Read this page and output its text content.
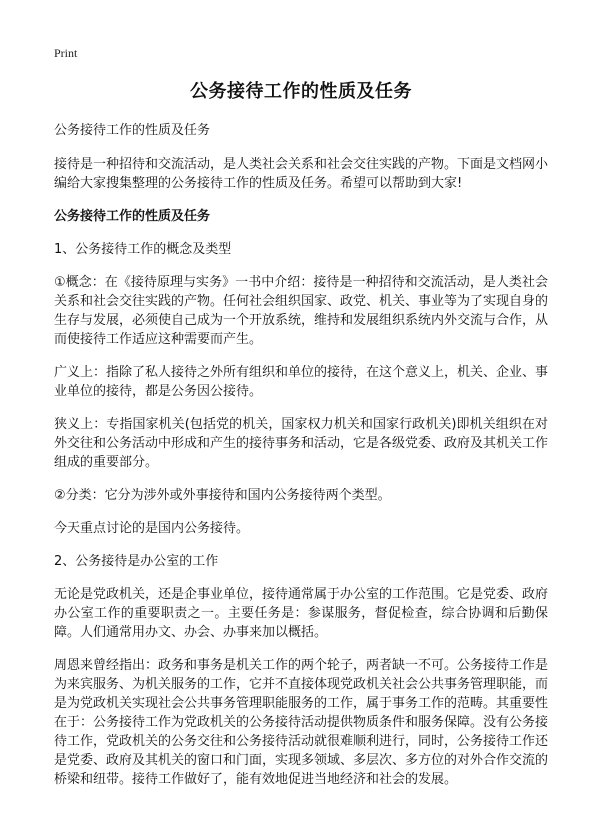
Print
公务接待工作的性质及任务
公务接待工作的性质及任务
接待是一种招待和交流活动，是人类社会关系和社会交往实践的产物。下面是文档网小编给大家搜集整理的公务接待工作的性质及任务。希望可以帮助到大家!
公务接待工作的性质及任务
1、公务接待工作的概念及类型
①概念：在《接待原理与实务》一书中介绍：接待是一种招待和交流活动，是人类社会关系和社会交往实践的产物。任何社会组织国家、政党、机关、事业等为了实现自身的生存与发展，必须使自己成为一个开放系统，维持和发展组织系统内外交流与合作，从而使接待工作适应这种需要而产生。
广义上：指除了私人接待之外所有组织和单位的接待，在这个意义上，机关、企业、事业单位的接待，都是公务因公接待。
狭义上：专指国家机关(包括党的机关，国家权力机关和国家行政机关)即机关组织在对外交往和公务活动中形成和产生的接待事务和活动，它是各级党委、政府及其机关工作组成的重要部分。
②分类：它分为涉外或外事接待和国内公务接待两个类型。
今天重点讨论的是国内公务接待。
2、公务接待是办公室的工作
无论是党政机关，还是企事业单位，接待通常属于办公室的工作范围。它是党委、政府办公室工作的重要职责之一。主要任务是：参谋服务，督促检查，综合协调和后勤保障。人们通常用办文、办会、办事来加以概括。
周恩来曾经指出：政务和事务是机关工作的两个轮子，两者缺一不可。公务接待工作是为来宾服务、为机关服务的工作，它并不直接体现党政机关社会公共事务管理职能，而是为党政机关实现社会公共事务管理职能服务的工作，属于事务工作的范畴。其重要性在于：公务接待工作为党政机关的公务接待活动提供物质条件和服务保障。没有公务接待工作，党政机关的公务交往和公务接待活动就很难顺利进行，同时，公务接待工作还是党委、政府及其机关的窗口和门面，实现多领域、多层次、多方位的对外合作交流的桥梁和纽带。接待工作做好了，能有效地促进当地经济和社会的发展。
